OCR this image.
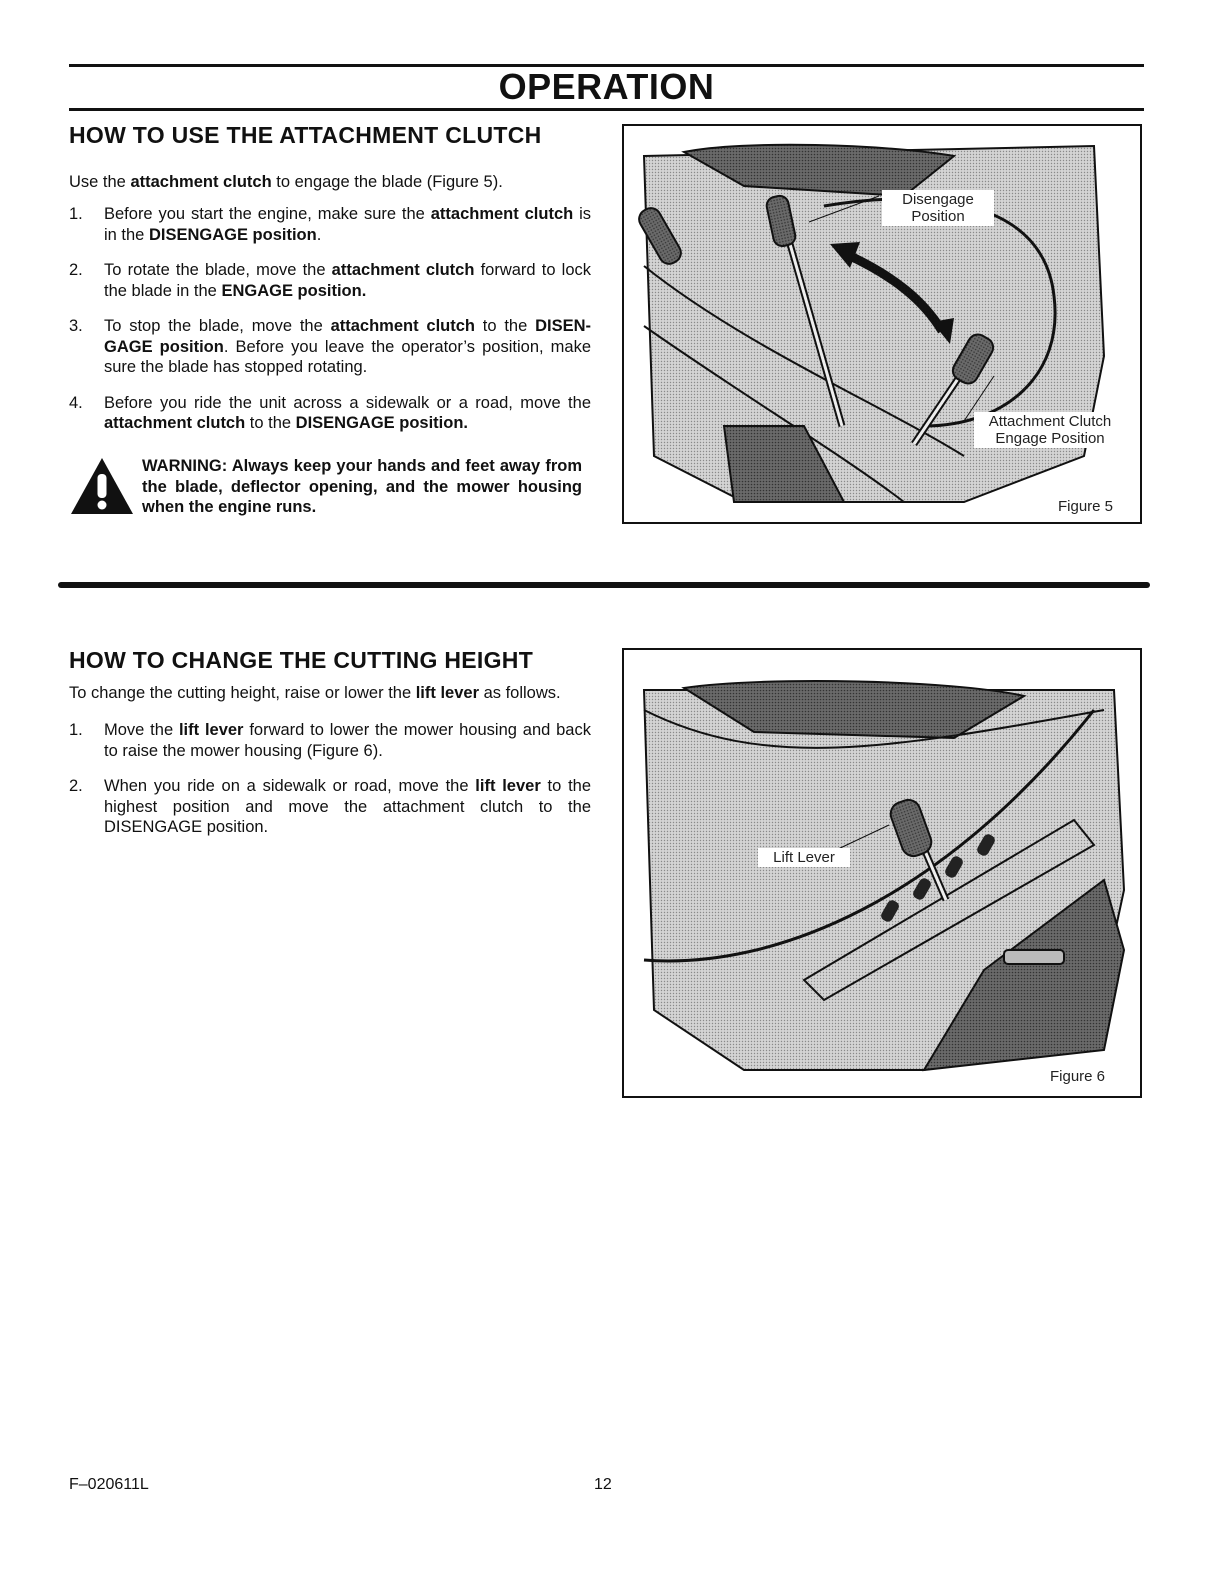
OPERATION
HOW TO USE THE ATTACHMENT CLUTCH

Use the attachment clutch to engage the blade (Figure 5).

1. Before you start the engine, make sure the attachment clutch is in the DISENGAGE position.
2. To rotate the blade, move the attachment clutch forward to lock the blade in the ENGAGE position.
3. To stop the blade, move the attachment clutch to the DISEN-GAGE position. Before you leave the operator’s position, make sure the blade has stopped rotating.
4. Before you ride the unit across a sidewalk or a road, move the attachment clutch to the DISENGAGE position.
WARNING: Always keep your hands and feet away from the blade, deflector opening, and the mower housing when the engine runs.
Disengage
Position
Attachment Clutch
Engage Position
Figure 5
HOW TO CHANGE THE CUTTING HEIGHT

To change the cutting height, raise or lower the lift lever as follows.

1. Move the lift lever forward to lower the mower housing and back to raise the mower housing (Figure 6).
2. When you ride on a sidewalk or road, move the lift lever to the highest position and move the attachment clutch to the DISENGAGE position.
Lift Lever
Figure 6
F–020611L	12
